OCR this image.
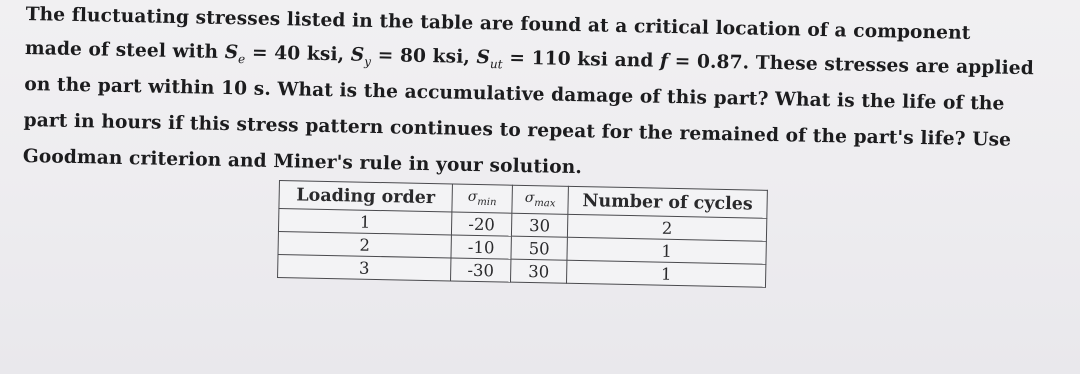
The fluctuating stresses listed in the table are found at a critical location of a component
made of steel with $S_e = 40$ ksi, $S_y = 80$ ksi, $S_{ut} = 110$ ksi and f = 0.87. These stresses are applied
on the part within 10 s. What is the accumulative damage of this part? What is the life of the
part in hours if this stress pattern continues to repeat for the remained of the part's life? Use
Goodman criterion and Miner's rule in your solution.
Loading order	$\sigma_{min}$	$\sigma_{max}$	Number of cycles
1	-20	30	2
2	-10	50	1
3	-30	30	1
